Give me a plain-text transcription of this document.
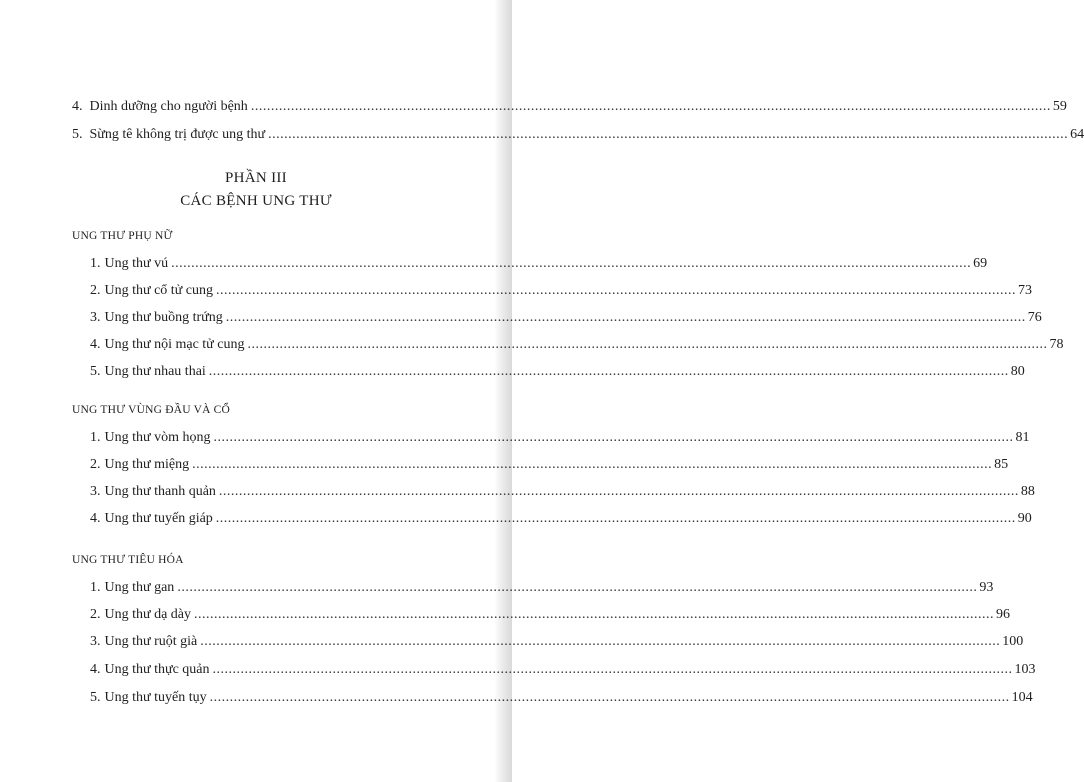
4. Dinh dưỡng cho người bệnh ........................................................................................................................................................................................................ 59
5. Sừng tê không trị được ung thư ........................................................................................................................................................................................................ 64
PHẦN III
CÁC BỆNH UNG THƯ
UNG THƯ PHỤ NỮ
1. Ung thư vú ........................................................................................................................................................................................................ 69
2. Ung thư cổ tử cung ........................................................................................................................................................................................................ 73
3. Ung thư buồng trứng ........................................................................................................................................................................................................ 76
4. Ung thư nội mạc tử cung ........................................................................................................................................................................................................ 78
5. Ung thư nhau thai ........................................................................................................................................................................................................ 80
UNG THƯ VÙNG ĐẦU VÀ CỔ
1. Ung thư vòm họng ........................................................................................................................................................................................................ 81
2. Ung thư miệng ........................................................................................................................................................................................................ 85
3. Ung thư thanh quản ........................................................................................................................................................................................................ 88
4. Ung thư tuyến giáp ........................................................................................................................................................................................................ 90
UNG THƯ TIÊU HÓA
1. Ung thư gan ........................................................................................................................................................................................................ 93
2. Ung thư dạ dày ........................................................................................................................................................................................................ 96
3. Ung thư ruột già ........................................................................................................................................................................................................ 100
4. Ung thư thực quản ........................................................................................................................................................................................................ 103
5. Ung thư tuyến tụy ........................................................................................................................................................................................................ 104
